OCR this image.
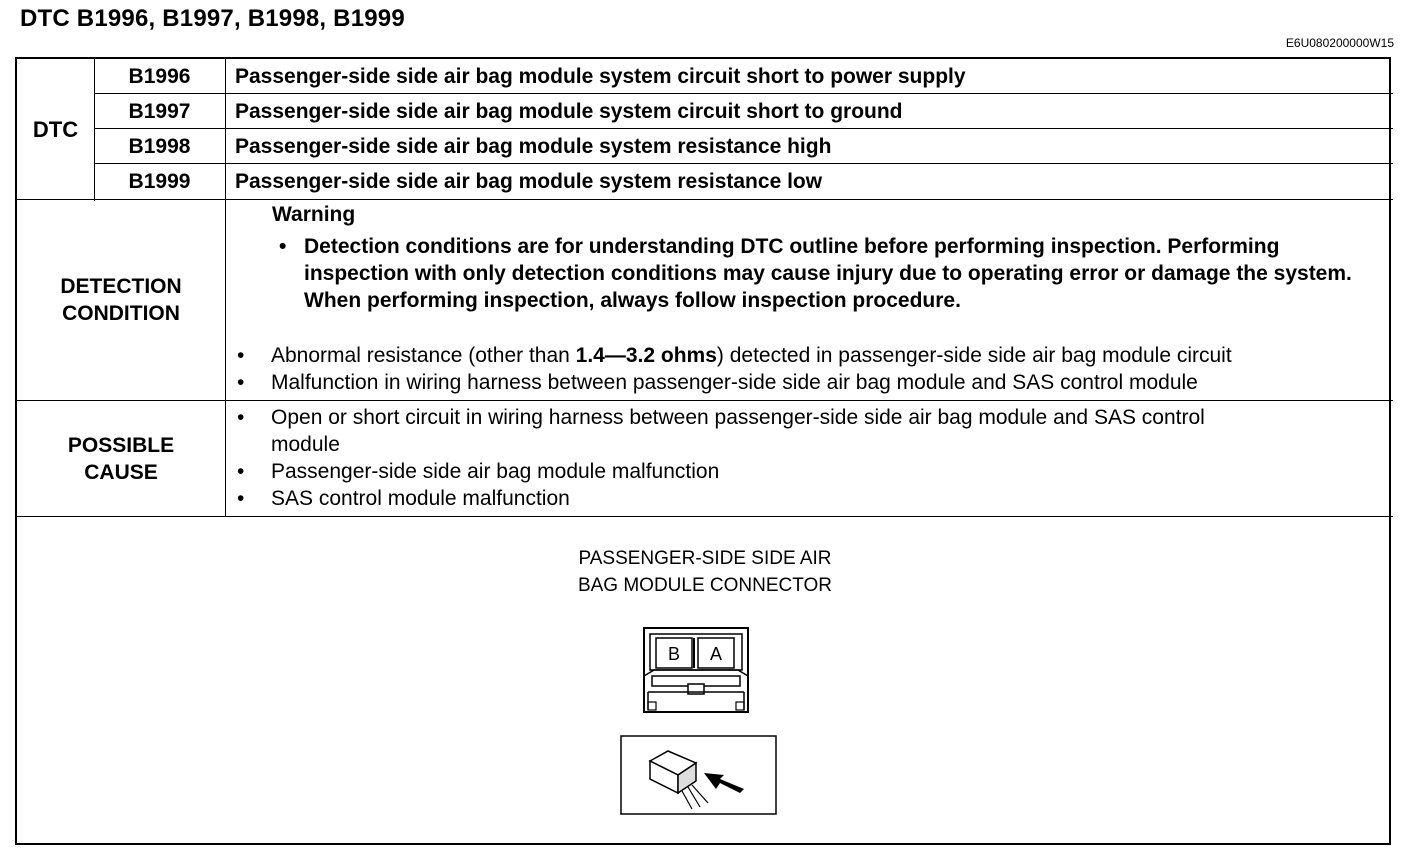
DTC B1996, B1997, B1998, B1999
E6U080200000W15
DTC
B1996	Passenger-side side air bag module system circuit short to power supply
B1997	Passenger-side side air bag module system circuit short to ground
B1998	Passenger-side side air bag module system resistance high
B1999	Passenger-side side air bag module system resistance low
DETECTION
CONDITION
Warning
• Detection conditions are for understanding DTC outline before performing inspection. Performing inspection with only detection conditions may cause injury due to operating error or damage the system. When performing inspection, always follow inspection procedure.
• Abnormal resistance (other than 1.4—3.2 ohms) detected in passenger-side side air bag module circuit
• Malfunction in wiring harness between passenger-side side air bag module and SAS control module
POSSIBLE
CAUSE
• Open or short circuit in wiring harness between passenger-side side air bag module and SAS control
module
• Passenger-side side air bag module malfunction
• SAS control module malfunction
PASSENGER-SIDE SIDE AIR
BAG MODULE CONNECTOR
B A
